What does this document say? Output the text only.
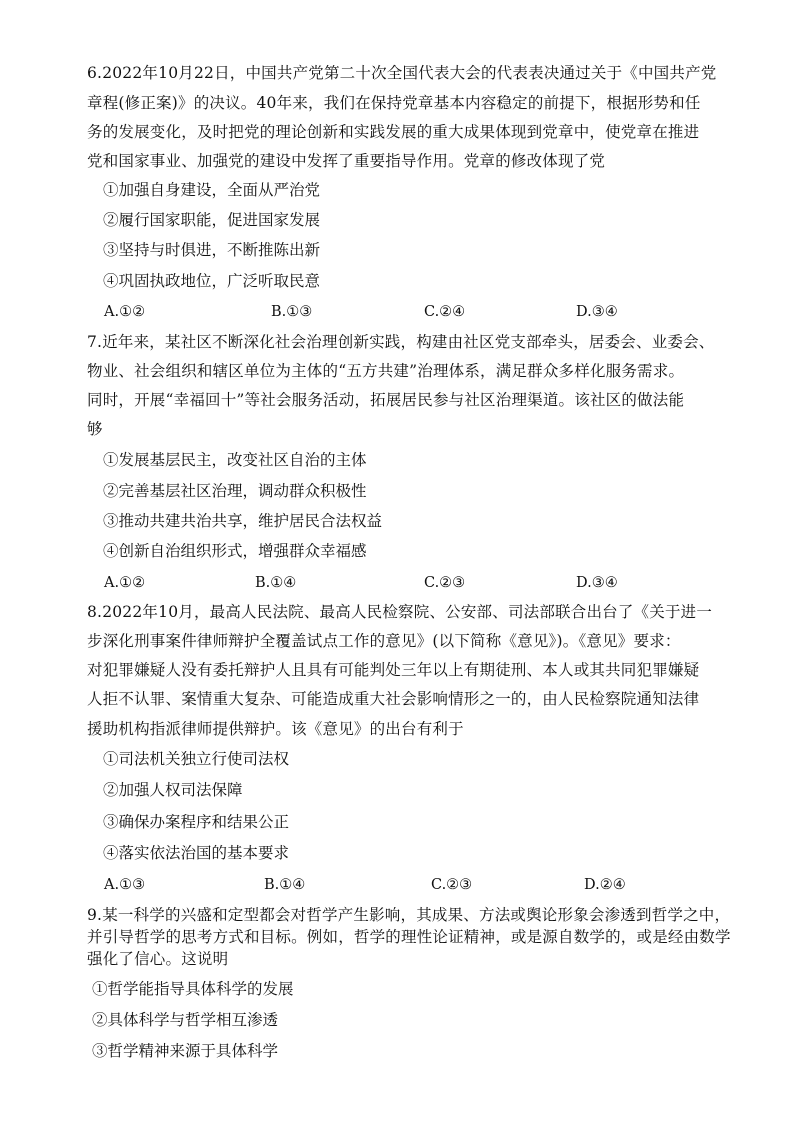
6.2022年10月22日，中国共产党第二十次全国代表大会的代表表决通过关于《中国共产党
章程(修正案)》的决议。40年来，我们在保持党章基本内容稳定的前提下，根据形势和任
务的发展变化，及时把党的理论创新和实践发展的重大成果体现到党章中，使党章在推进
党和国家事业、加强党的建设中发挥了重要指导作用。党章的修改体现了党
①加强自身建设，全面从严治党
②履行国家职能，促进国家发展
③坚持与时俱进，不断推陈出新
④巩固执政地位，广泛听取民意
A.①②	B.①③	C.②④	D.③④
7.近年来，某社区不断深化社会治理创新实践，构建由社区党支部牵头，居委会、业委会、
物业、社会组织和辖区单位为主体的“五方共建”治理体系，满足群众多样化服务需求。
同时，开展“幸福回十”等社会服务活动，拓展居民参与社区治理渠道。该社区的做法能
够
①发展基层民主，改变社区自治的主体
②完善基层社区治理，调动群众积极性
③推动共建共治共享，维护居民合法权益
④创新自治组织形式，增强群众幸福感
A.①②	B.①④	C.②③	D.③④
8.2022年10月，最高人民法院、最高人民检察院、公安部、司法部联合出台了《关于进一
步深化刑事案件律师辩护全覆盖试点工作的意见》(以下简称《意见》)。《意见》要求：
对犯罪嫌疑人没有委托辩护人且具有可能判处三年以上有期徒刑、本人或其共同犯罪嫌疑
人拒不认罪、案情重大复杂、可能造成重大社会影响情形之一的，由人民检察院通知法律
援助机构指派律师提供辩护。该《意见》的出台有利于
①司法机关独立行使司法权
②加强人权司法保障
③确保办案程序和结果公正
④落实依法治国的基本要求
A.①③	B.①④	C.②③	D.②④
9.某一科学的兴盛和定型都会对哲学产生影响，其成果、方法或舆论形象会渗透到哲学之中，
并引导哲学的思考方式和目标。例如，哲学的理性论证精神，或是源自数学的，或是经由数学
强化了信心。这说明
①哲学能指导具体科学的发展
②具体科学与哲学相互渗透
③哲学精神来源于具体科学
